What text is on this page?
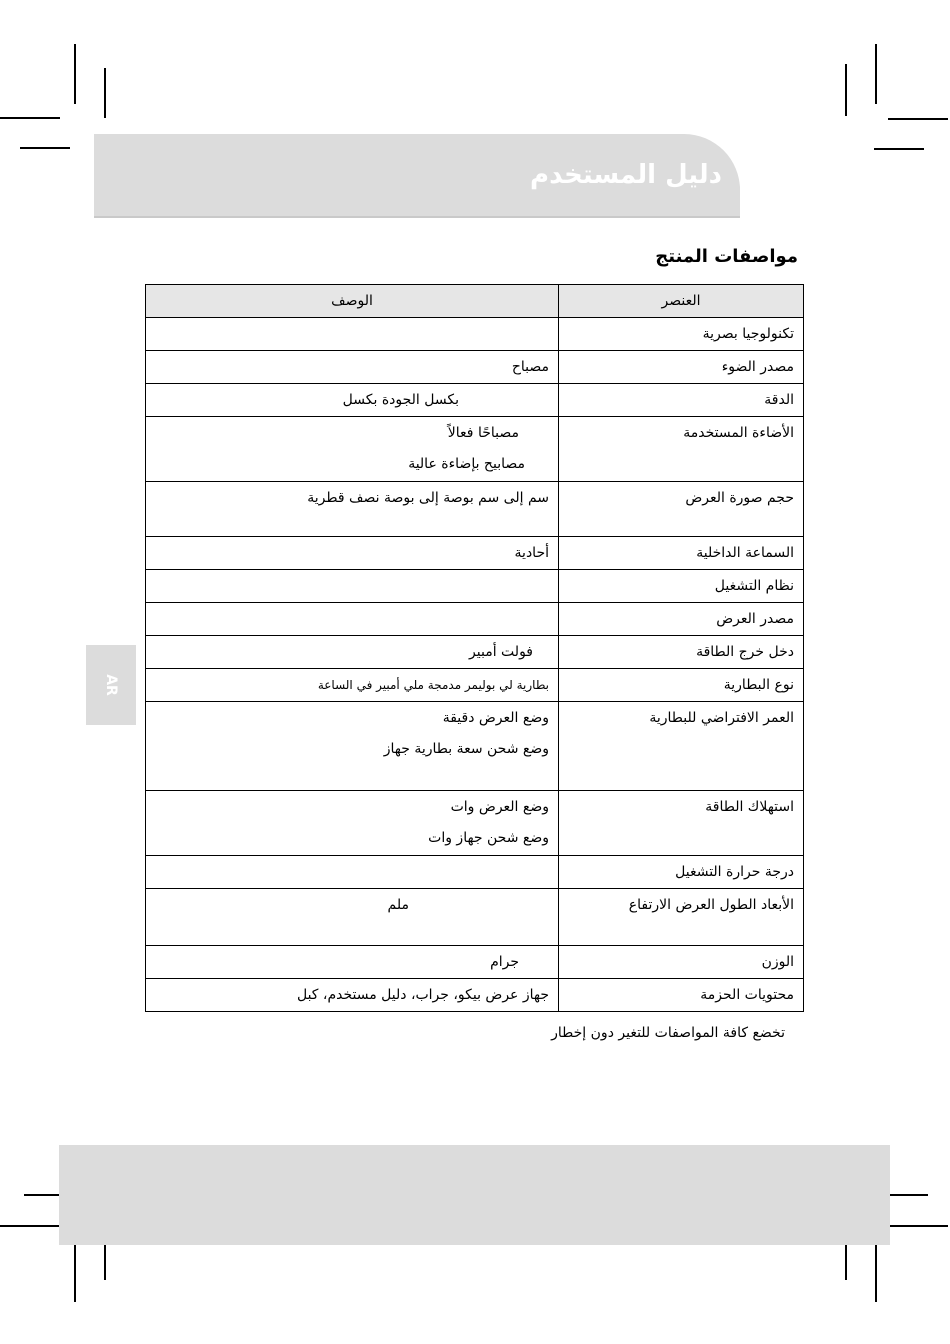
دليل المستخدم
مواصفات المنتج
AR
العنصر	الوصف
تكنولوجيا بصرية	
مصدر الضوء	مصباح

الدقة	بكسل الجودة بكسل

الأضاءة المستخدمة	مصباحًا فعالاً
مصابيح بإضاءة عالية

حجم صورة العرض	سم إلى سم بوصة إلى بوصة نصف قطرية

السماعة الداخلية	أحادية

نظام التشغيل	
مصدر العرض	
دخل خرج الطاقة	فولت أمبير

نوع البطارية	بطارية لي بوليمر مدمجة ملي أمبير في الساعة

العمر الافتراضي للبطارية	وضع العرض دقيقة
وضع شحن سعة بطارية جهاز

استهلاك الطاقة	وضع العرض وات
وضع شحن جهاز وات

درجة حرارة التشغيل	
الأبعاد الطول العرض الارتفاع	ملم

الوزن	جرام

محتويات الحزمة	جهاز عرض بيكو، جراب، دليل مستخدم، كبل
تخضع كافة المواصفات للتغير دون إخطار
